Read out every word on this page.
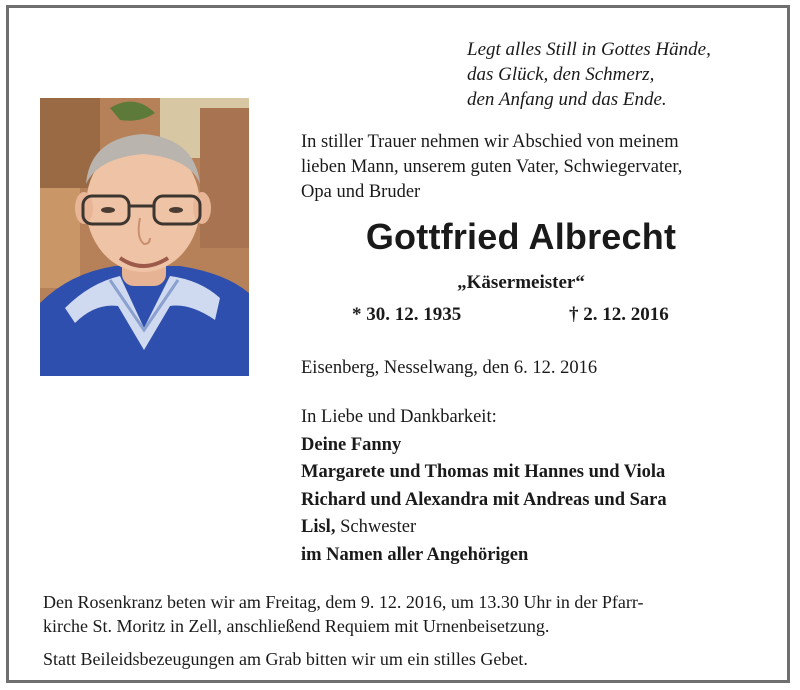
Legt alles Still in Gottes Hände,
das Glück, den Schmerz,
den Anfang und das Ende.
In stiller Trauer nehmen wir Abschied von meinem
lieben Mann, unserem guten Vater, Schwiegervater,
Opa und Bruder
Gottfried Albrecht
„Käsermeister“
* 30. 12. 1935	† 2. 12. 2016
Eisenberg, Nesselwang, den 6. 12. 2016
In Liebe und Dankbarkeit:
Deine Fanny
Margarete und Thomas mit Hannes und Viola
Richard und Alexandra mit Andreas und Sara
Lisl, Schwester
im Namen aller Angehörigen
Den Rosenkranz beten wir am Freitag, dem 9. 12. 2016, um 13.30 Uhr in der Pfarr-
kirche St. Moritz in Zell, anschließend Requiem mit Urnenbeisetzung.
Statt Beileidsbezeugungen am Grab bitten wir um ein stilles Gebet.
